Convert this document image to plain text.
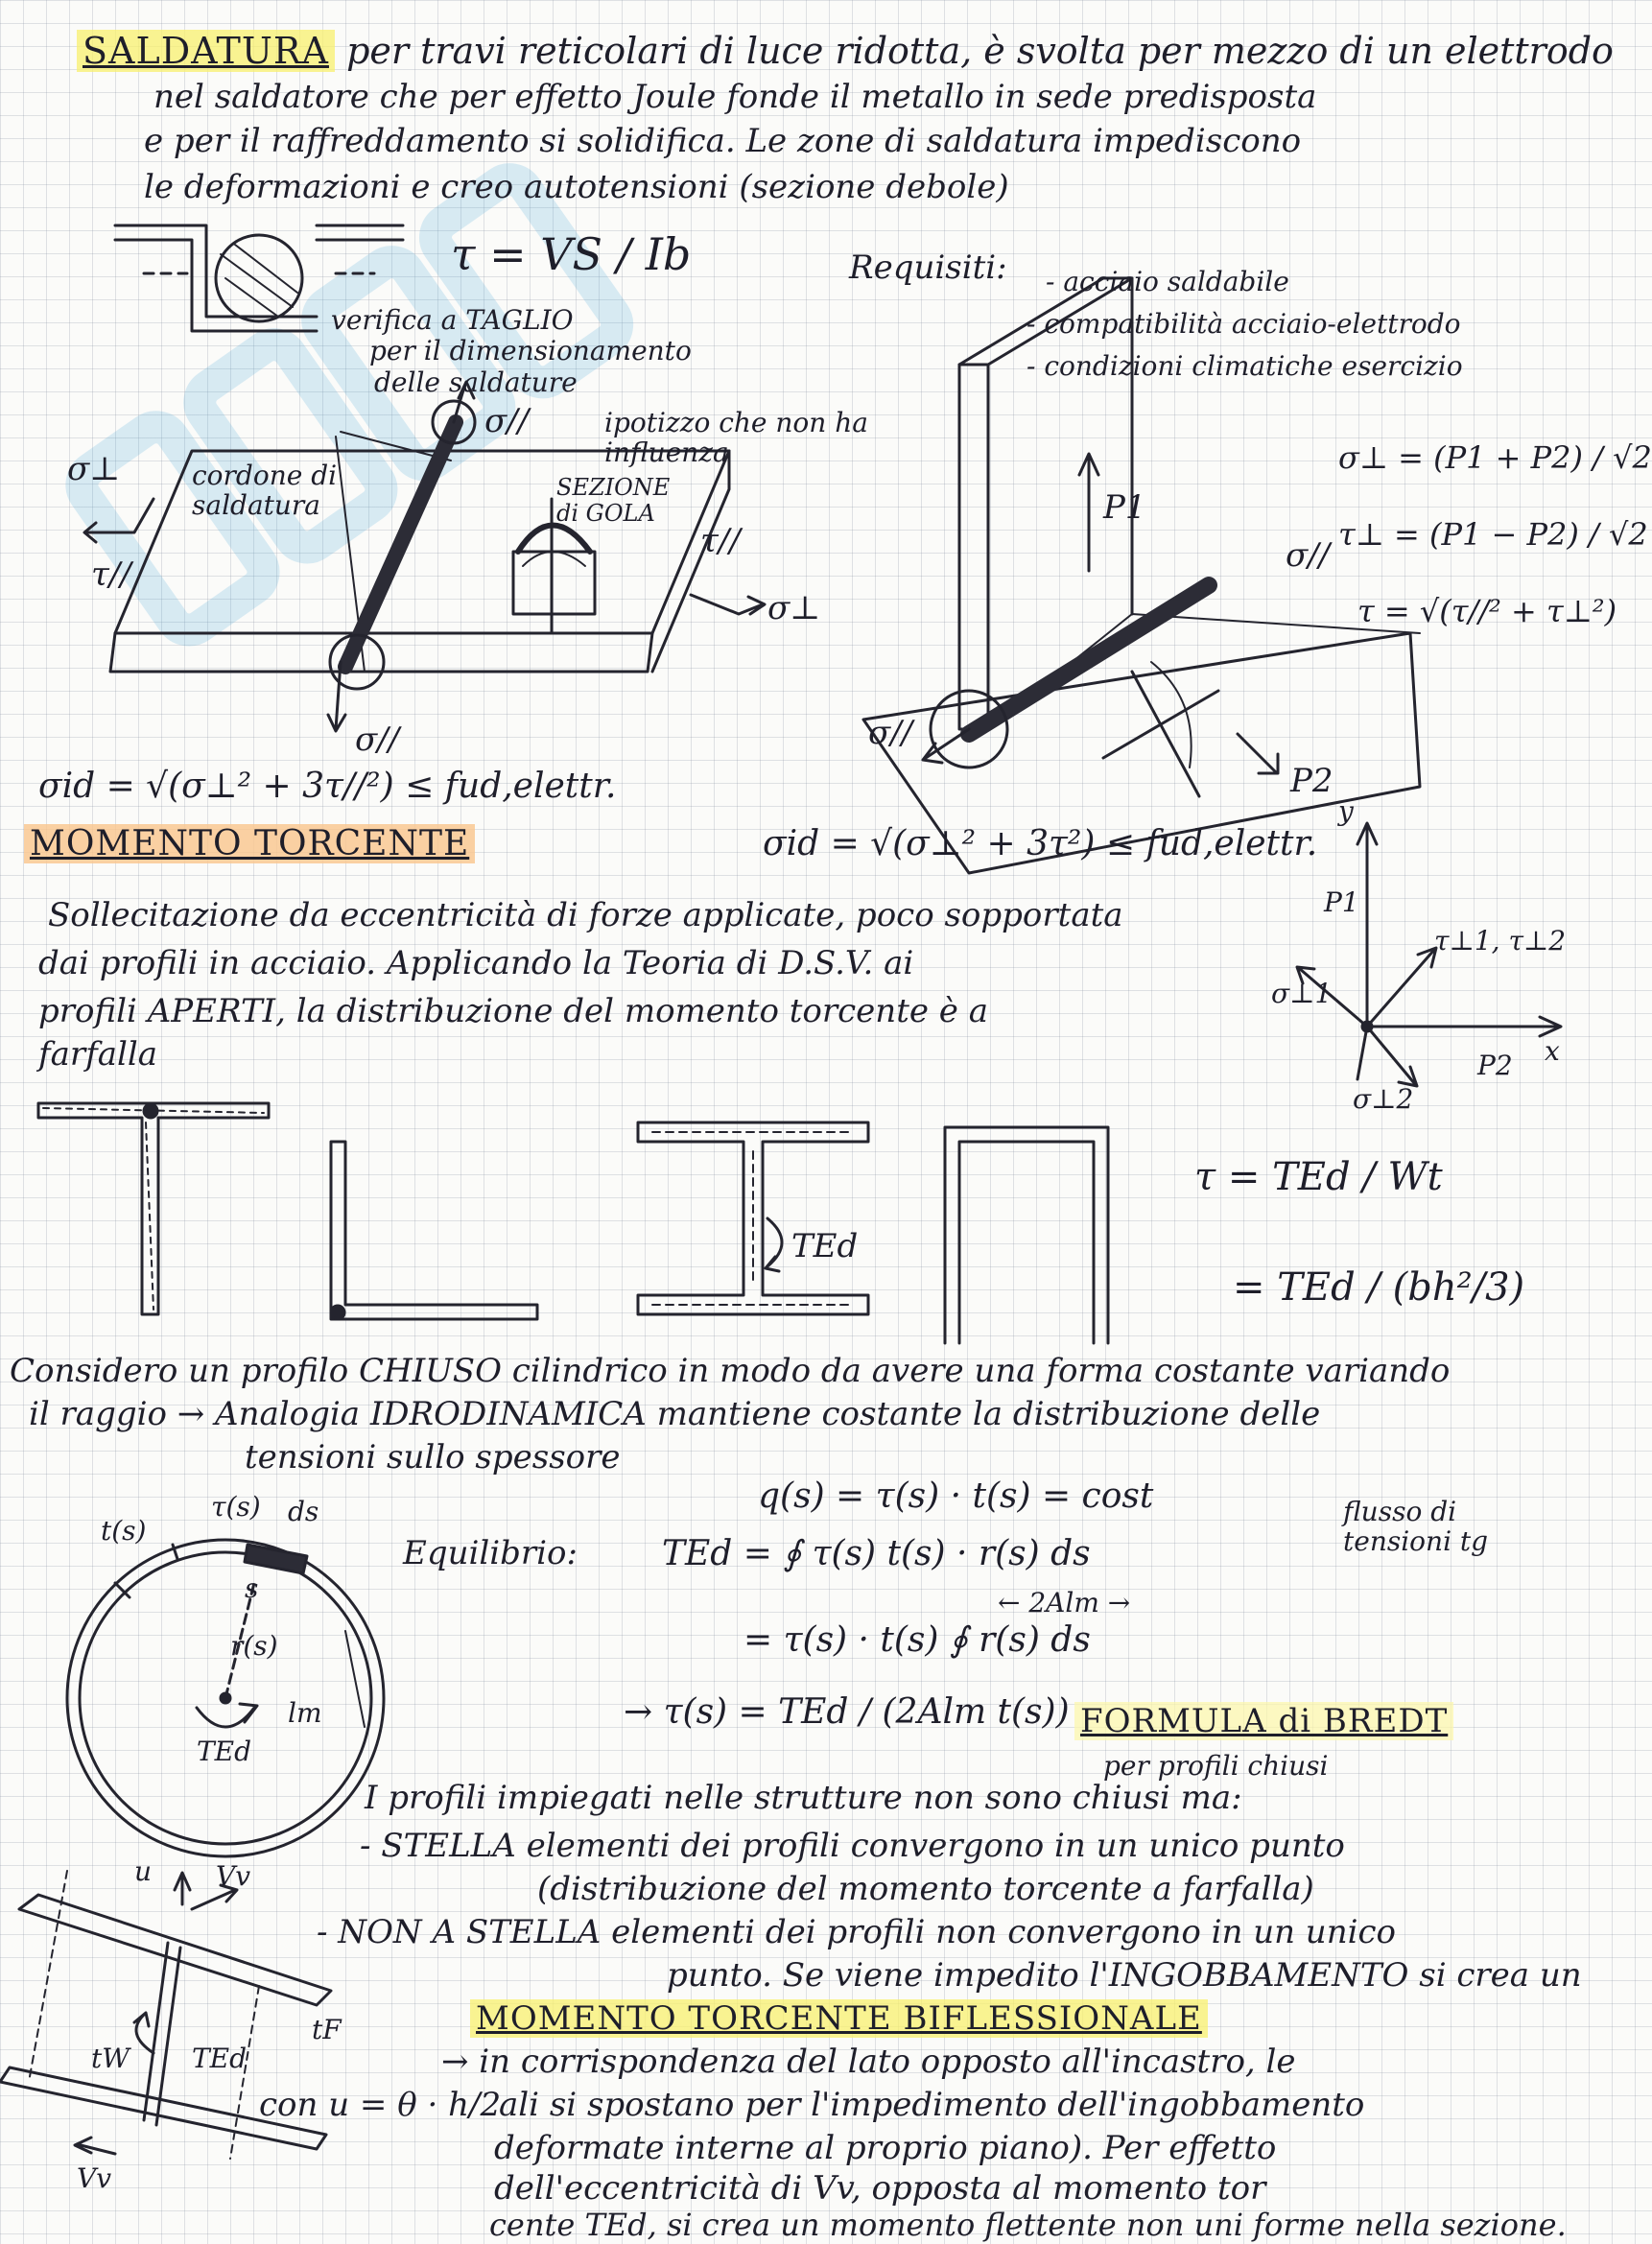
SALDATURA per travi reticolari di luce ridotta, è svolta per mezzo di un elettrodo

nel saldatore che per effetto Joule fonde il metallo in sede predisposta

e per il raffreddamento si solidifica. Le zone di saldatura impediscono

le deformazioni e creo autotensioni (sezione debole)

τ = VS / Ib

verifica a TAGLIO

per il dimensionamento

delle saldature

Requisiti: - acciaio saldabile

- compatibilità acciaio-elettrodo

- condizioni climatiche esercizio

σ//	ipotizzo che non ha influenza

cordone di saldatura

SEZIONE di GOLA

σ⊥

τ//

τ//

σ⊥

σ//

σid = √(σ⊥² + 3τ//²) ≤ fud,elettr.

P1

σ//

σ//

P2

σ⊥ = (P1 + P2) / √2

τ⊥ = (P1 − P2) / √2

τ = √(τ//² + τ⊥²)

σid = √(σ⊥² + 3τ²) ≤ fud,elettr.

MOMENTO TORCENTE

Sollecitazione da eccentricità di forze applicate, poco sopportata

dai profili in acciaio. Applicando la Teoria di D.S.V. ai

profili APERTI, la distribuzione del momento torcente è a

farfalla

y

x

P1

P2

τ⊥1, τ⊥2

σ⊥1

σ⊥2

TEd

τ = TEd / Wt

= TEd / (bh²/3)

Considero un profilo CHIUSO cilindrico in modo da avere una forma costante variando

il raggio → Analogia IDRODINAMICA mantiene costante la distribuzione delle

tensioni sullo spessore

q(s) = τ(s) · t(s) = cost	flusso di tensioni tg

t(s)

τ(s) ds

s

r(s)

TEd

lm

Equilibrio: TEd = ∮ τ(s) t(s) · r(s) ds

← 2Alm →

= τ(s) · t(s) ∮ r(s) ds

→ τ(s) = TEd / (2Alm t(s)) FORMULA di BREDT

per profili chiusi

I profili impiegati nelle strutture non sono chiusi ma:

- STELLA elementi dei profili convergono in un unico punto

(distribuzione del momento torcente a farfalla)

- NON A STELLA elementi dei profili non convergono in un unico

punto. Se viene impedito l'INGOBBAMENTO si crea un

MOMENTO TORCENTE BIFLESSIONALE

→ in corrispondenza del lato opposto all'incastro, le

ali si spostano per l'impedimento dell'ingobbamento

deformate interne al proprio piano). Per effetto

dell'eccentricità di Vv, opposta al momento tor

cente TEd, si crea un momento flettente non uni forme nella sezione.

u Vv

tF

tW TEd

Vv

con u = θ · h/2
